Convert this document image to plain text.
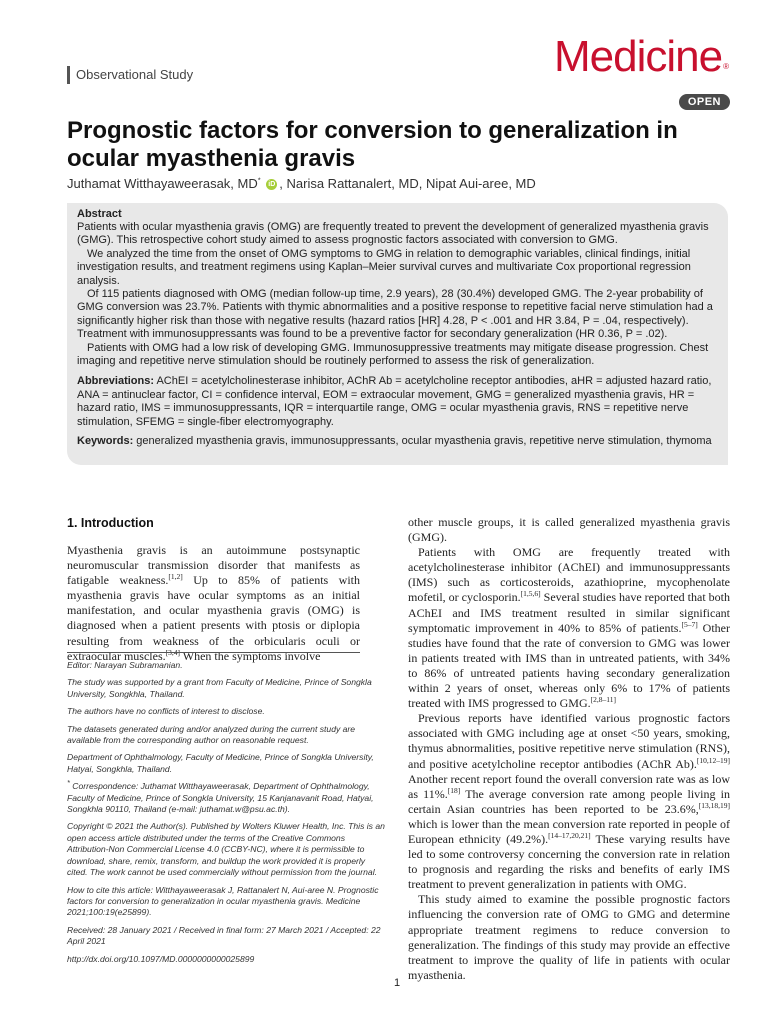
Observational Study	Medicine®
OPEN
Prognostic factors for conversion to generalization in ocular myasthenia gravis
Juthamat Witthayaweerasak, MD* iD , Narisa Rattanalert, MD, Nipat Aui-aree, MD
Abstract

Patients with ocular myasthenia gravis (OMG) are frequently treated to prevent the development of generalized myasthenia gravis (GMG). This retrospective cohort study aimed to assess prognostic factors associated with conversion to GMG.

We analyzed the time from the onset of OMG symptoms to GMG in relation to demographic variables, clinical findings, initial investigation results, and treatment regimens using Kaplan–Meier survival curves and multivariate Cox proportional regression analysis.

Of 115 patients diagnosed with OMG (median follow-up time, 2.9 years), 28 (30.4%) developed GMG. The 2-year probability of GMG conversion was 23.7%. Patients with thymic abnormalities and a positive response to repetitive facial nerve stimulation had a significantly higher risk than those with negative results (hazard ratios [HR] 4.28, P < .001 and HR 3.84, P = .04, respectively). Treatment with immunosuppressants was found to be a preventive factor for secondary generalization (HR 0.36, P = .02).

Patients with OMG had a low risk of developing GMG. Immunosuppressive treatments may mitigate disease progression. Chest imaging and repetitive nerve stimulation should be routinely performed to assess the risk of generalization.

Abbreviations: AChEI = acetylcholinesterase inhibitor, AChR Ab = acetylcholine receptor antibodies, aHR = adjusted hazard ratio, ANA = antinuclear factor, CI = confidence interval, EOM = extraocular movement, GMG = generalized myasthenia gravis, HR = hazard ratio, IMS = immunosuppressants, IQR = interquartile range, OMG = ocular myasthenia gravis, RNS = repetitive nerve stimulation, SFEMG = single-fiber electromyography.

Keywords: generalized myasthenia gravis, immunosuppressants, ocular myasthenia gravis, repetitive nerve stimulation, thymoma

1. Introduction

Myasthenia gravis is an autoimmune postsynaptic neuromuscular transmission disorder that manifests as fatigable weakness.[1,2] Up to 85% of patients with myasthenia gravis have ocular symptoms as an initial manifestation, and ocular myasthenia gravis (OMG) is diagnosed when a patient presents with ptosis or diplopia resulting from weakness of the orbicularis oculi or extraocular muscles.[3,4] When the symptoms involve

Editor: Narayan Subramanian.

The study was supported by a grant from Faculty of Medicine, Prince of Songkla University, Songkhla, Thailand.

The authors have no conflicts of interest to disclose.

The datasets generated during and/or analyzed during the current study are available from the corresponding author on reasonable request.

Department of Ophthalmology, Faculty of Medicine, Prince of Songkla University, Hatyai, Songkhla, Thailand.

* Correspondence: Juthamat Witthayaweerasak, Department of Ophthalmology, Faculty of Medicine, Prince of Songkla University, 15 Kanjanavanit Road, Hatyai, Songkhla 90110, Thailand (e-mail: juthamat.w@psu.ac.th).

Copyright © 2021 the Author(s). Published by Wolters Kluwer Health, Inc. This is an open access article distributed under the terms of the Creative Commons Attribution-Non Commercial License 4.0 (CCBY-NC), where it is permissible to download, share, remix, transform, and buildup the work provided it is properly cited. The work cannot be used commercially without permission from the journal.

How to cite this article: Witthayaweerasak J, Rattanalert N, Aui-aree N. Prognostic factors for conversion to generalization in ocular myasthenia gravis. Medicine 2021;100:19(e25899).

Received: 28 January 2021 / Received in final form: 27 March 2021 / Accepted: 22 April 2021

http://dx.doi.org/10.1097/MD.0000000000025899

other muscle groups, it is called generalized myasthenia gravis (GMG).

Patients with OMG are frequently treated with acetylcholinesterase inhibitor (AChEI) and immunosuppressants (IMS) such as corticosteroids, azathioprine, mycophenolate mofetil, or cyclosporin.[1,5,6] Several studies have reported that both AChEI and IMS treatment resulted in similar significant symptomatic improvement in 40% to 85% of patients.[5–7] Other studies have found that the rate of conversion to GMG was lower in patients treated with IMS than in untreated patients, with 34% to 86% of untreated patients having secondary generalization within 2 years of onset, whereas only 6% to 17% of patients treated with IMS progressed to GMG.[2,8–11]

Previous reports have identified various prognostic factors associated with GMG including age at onset <50 years, smoking, thymus abnormalities, positive repetitive nerve stimulation (RNS), and positive acetylcholine receptor antibodies (AChR Ab).[10,12–19] Another recent report found the overall conversion rate was as low as 11%.[18] The average conversion rate among people living in certain Asian countries has been reported to be 23.6%,[13,18,19] which is lower than the mean conversion rate reported in people of European ethnicity (49.2%).[14–17,20,21] These varying results have led to some controversy concerning the conversion rate in relation to prognosis and regarding the risks and benefits of early IMS treatment to prevent generalization in patients with OMG.

This study aimed to examine the possible prognostic factors influencing the conversion rate of OMG to GMG and determine appropriate treatment regimens to reduce conversion to generalization. The findings of this study may provide an effective treatment to improve the quality of life in patients with ocular myasthenia.

1
